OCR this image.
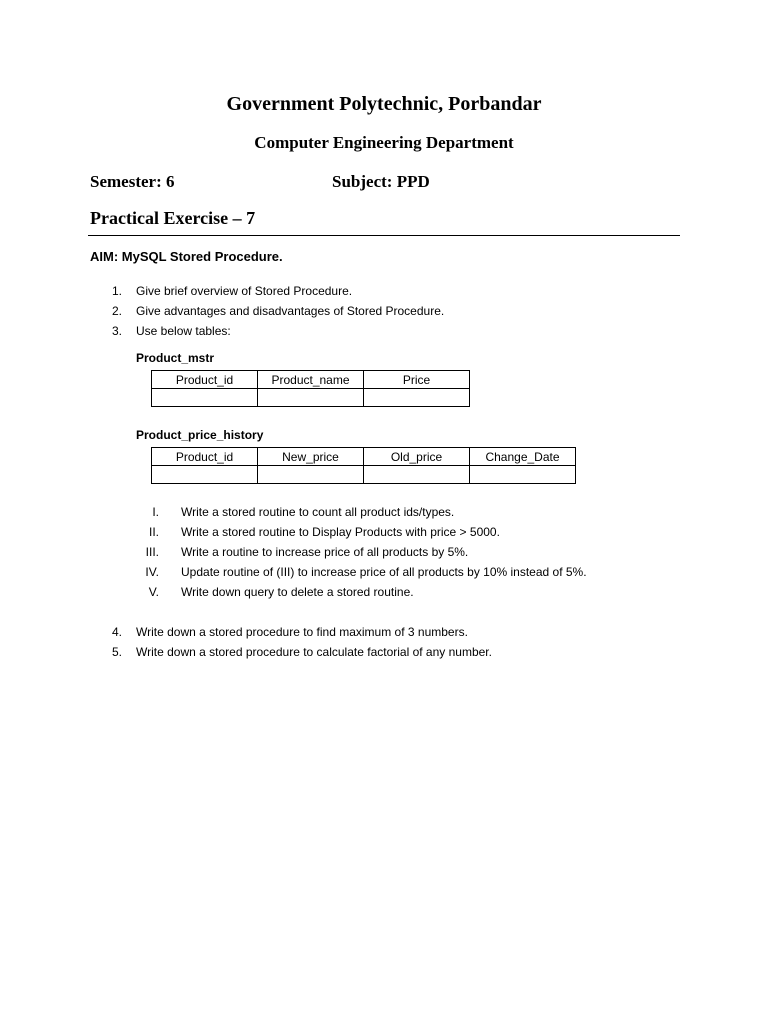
Government Polytechnic, Porbandar
Computer Engineering Department
Semester: 6	Subject: PPD
Practical Exercise – 7
AIM: MySQL Stored Procedure.
1. Give brief overview of Stored Procedure.
2. Give advantages and disadvantages of Stored Procedure.
3. Use below tables:
Product_mstr
Product_id	Product_name	Price

Product_price_history
Product_id	New_price	Old_price	Change_Date

I. Write a stored routine to count all product ids/types.
II. Write a stored routine to Display Products with price > 5000.
III. Write a routine to increase price of all products by 5%.
IV. Update routine of (III) to increase price of all products by 10% instead of 5%.
V. Write down query to delete a stored routine.
4. Write down a stored procedure to find maximum of 3 numbers.
5. Write down a stored procedure to calculate factorial of any number.
